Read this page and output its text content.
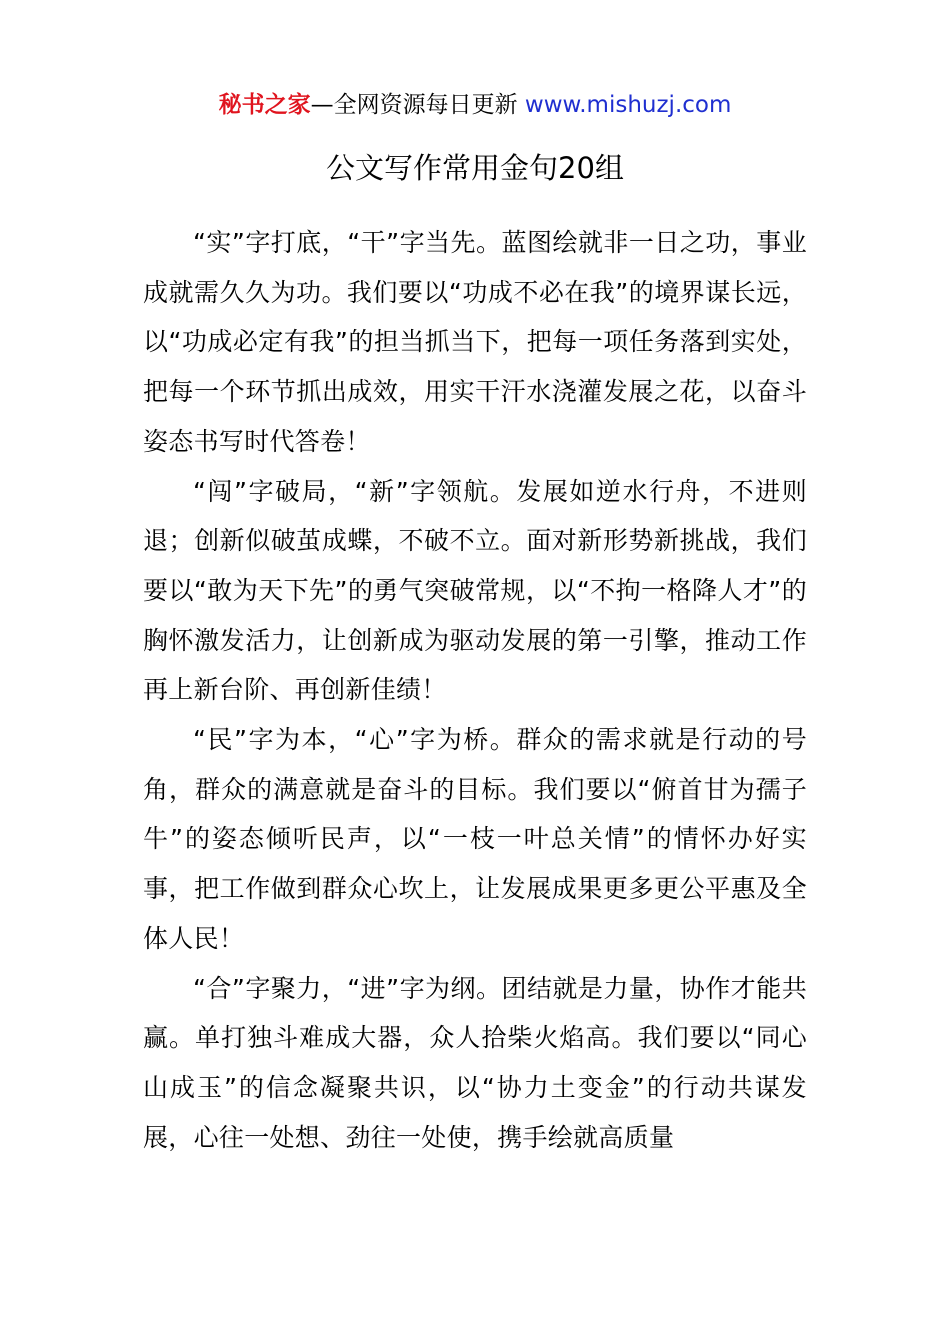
秘书之家—全网资源每日更新 www.mishuzj.com
公文写作常用金句20组

“实”字打底，“干”字当先。蓝图绘就非一日之功，事业成就需久久为功。我们要以“功成不必在我”的境界谋长远，以“功成必定有我”的担当抓当下，把每一项任务落到实处，把每一个环节抓出成效，用实干汗水浇灌发展之花，以奋斗姿态书写时代答卷！

“闯”字破局，“新”字领航。发展如逆水行舟，不进则退；创新似破茧成蝶，不破不立。面对新形势新挑战，我们要以“敢为天下先”的勇气突破常规，以“不拘一格降人才”的胸怀激发活力，让创新成为驱动发展的第一引擎，推动工作再上新台阶、再创新佳绩！

“民”字为本，“心”字为桥。群众的需求就是行动的号角，群众的满意就是奋斗的目标。我们要以“俯首甘为孺子牛”的姿态倾听民声，以“一枝一叶总关情”的情怀办好实事，把工作做到群众心坎上，让发展成果更多更公平惠及全体人民！

“合”字聚力，“进”字为纲。团结就是力量，协作才能共赢。单打独斗难成大器，众人拾柴火焰高。我们要以“同心山成玉”的信念凝聚共识，以“协力土变金”的行动共谋发展，心往一处想、劲往一处使，携手绘就高质量
